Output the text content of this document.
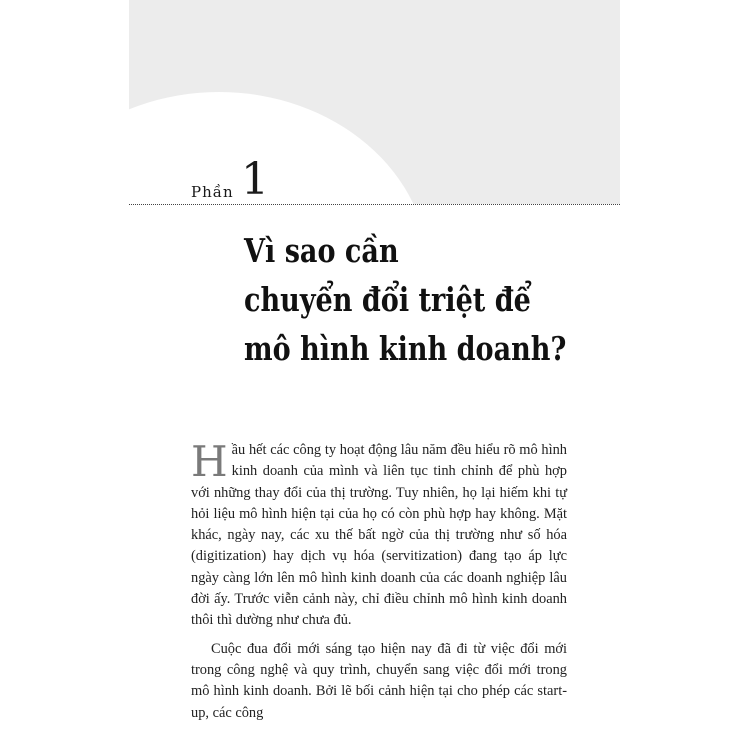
Phần 1
Vì sao cần
chuyển đổi triệt để
mô hình kinh doanh?

Hầu hết các công ty hoạt động lâu năm đều hiểu rõ mô hình kinh doanh của mình và liên tục tinh chỉnh để phù hợp với những thay đổi của thị trường. Tuy nhiên, họ lại hiếm khi tự hỏi liệu mô hình hiện tại của họ có còn phù hợp hay không. Mặt khác, ngày nay, các xu thế bất ngờ của thị trường như số hóa (digitization) hay dịch vụ hóa (servitization) đang tạo áp lực ngày càng lớn lên mô hình kinh doanh của các doanh nghiệp lâu đời ấy. Trước viễn cảnh này, chỉ điều chỉnh mô hình kinh doanh thôi thì dường như chưa đủ.

Cuộc đua đổi mới sáng tạo hiện nay đã đi từ việc đổi mới trong công nghệ và quy trình, chuyển sang việc đổi mới trong mô hình kinh doanh. Bởi lẽ bối cảnh hiện tại cho phép các start-up, các công
